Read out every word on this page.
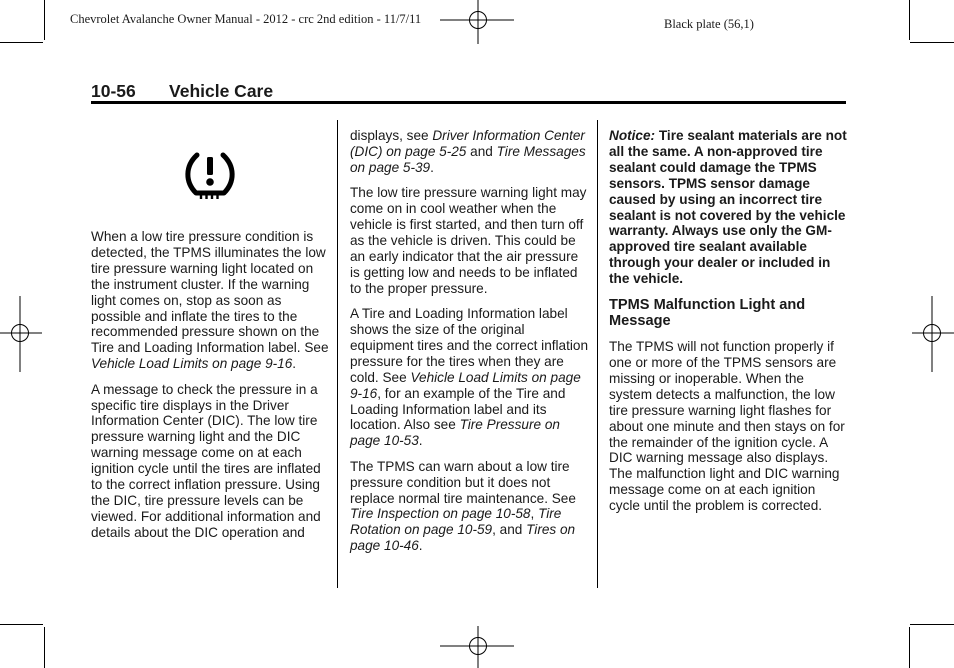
Chevrolet Avalanche Owner Manual - 2012 - crc 2nd edition - 11/7/11	Black plate (56,1)
10-56 Vehicle Care

When a low tire pressure condition is detected, the TPMS illuminates the low tire pressure warning light located on the instrument cluster. If the warning light comes on, stop as soon as possible and inflate the tires to the recommended pressure shown on the Tire and Loading Information label. See Vehicle Load Limits on page 9-16.

A message to check the pressure in a specific tire displays in the Driver Information Center (DIC). The low tire pressure warning light and the DIC warning message come on at each ignition cycle until the tires are inflated to the correct inflation pressure. Using the DIC, tire pressure levels can be viewed. For additional information and details about the DIC operation and

displays, see Driver Information Center (DIC) on page 5-25 and Tire Messages on page 5-39.

The low tire pressure warning light may come on in cool weather when the vehicle is first started, and then turn off as the vehicle is driven. This could be an early indicator that the air pressure is getting low and needs to be inflated to the proper pressure.

A Tire and Loading Information label shows the size of the original equipment tires and the correct inflation pressure for the tires when they are cold. See Vehicle Load Limits on page 9-16, for an example of the Tire and Loading Information label and its location. Also see Tire Pressure on page 10-53.

The TPMS can warn about a low tire pressure condition but it does not replace normal tire maintenance. See Tire Inspection on page 10-58, Tire Rotation on page 10-59, and Tires on page 10-46.

Notice: Tire sealant materials are not all the same. A non-approved tire sealant could damage the TPMS sensors. TPMS sensor damage caused by using an incorrect tire sealant is not covered by the vehicle warranty. Always use only the GM-approved tire sealant available through your dealer or included in the vehicle.

TPMS Malfunction Light and Message

The TPMS will not function properly if one or more of the TPMS sensors are missing or inoperable. When the system detects a malfunction, the low tire pressure warning light flashes for about one minute and then stays on for the remainder of the ignition cycle. A DIC warning message also displays. The malfunction light and DIC warning message come on at each ignition cycle until the problem is corrected.
